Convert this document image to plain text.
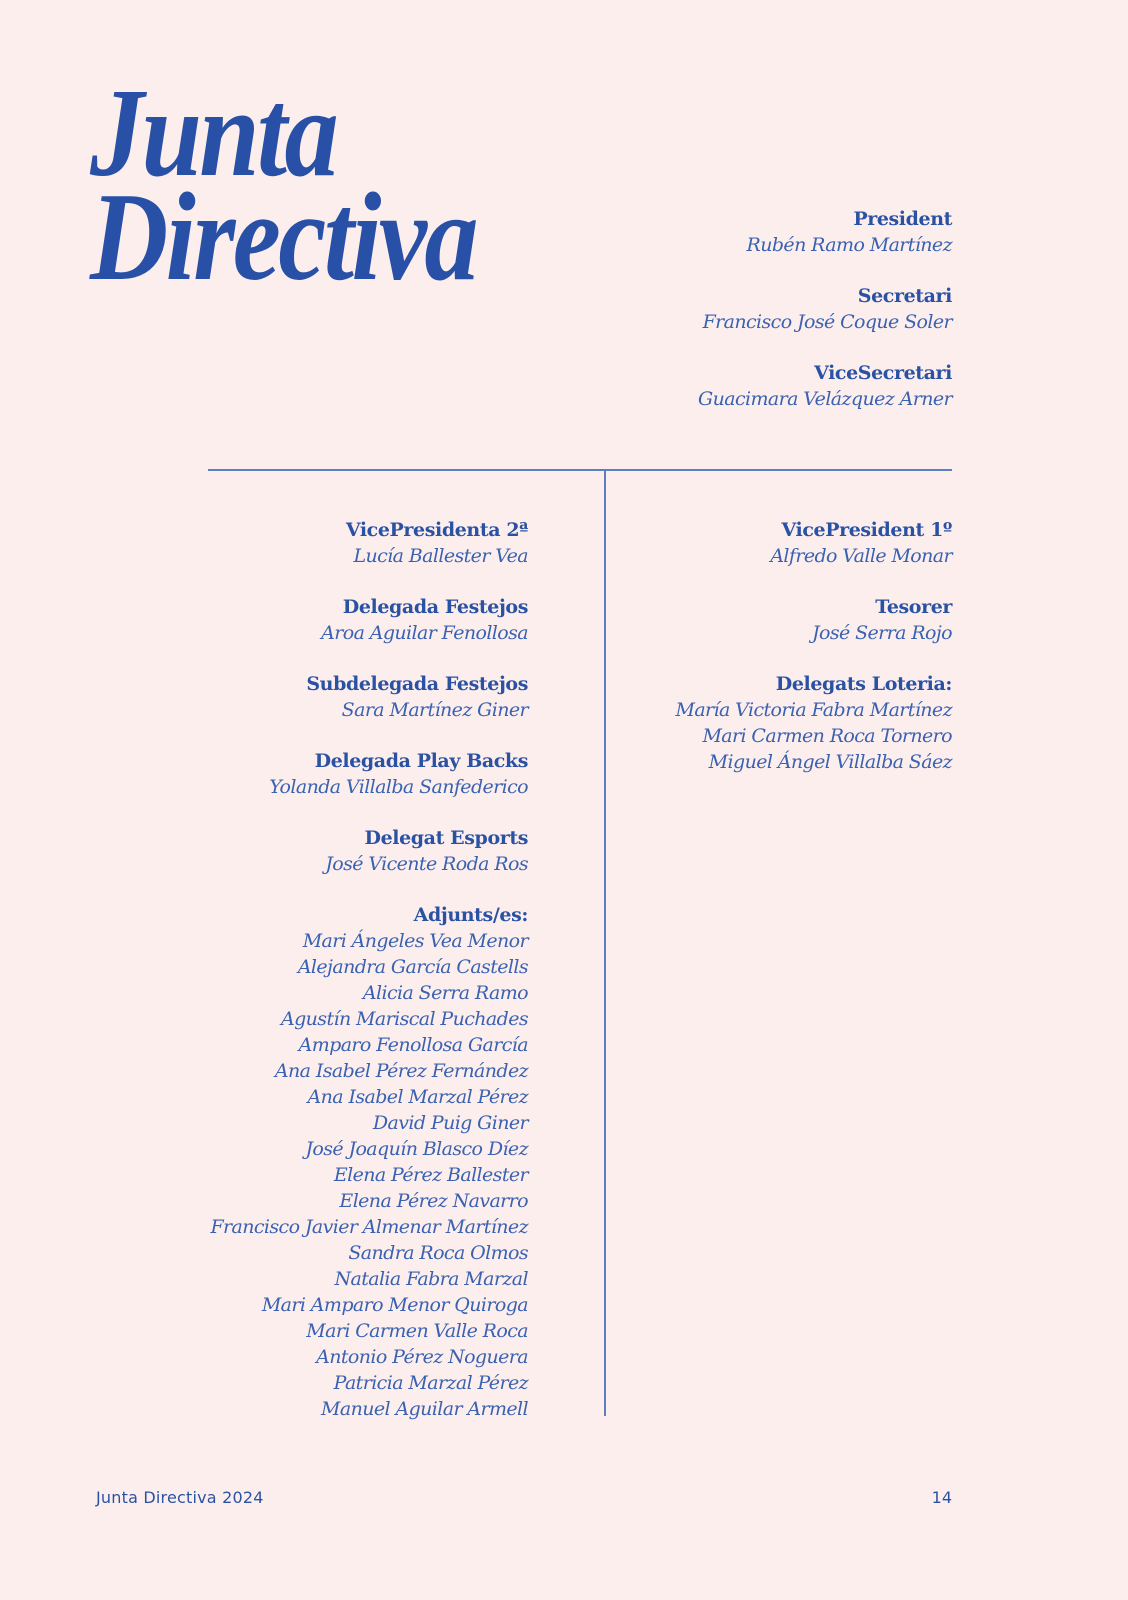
Junta
Directiva	President
Rubén Ramo Martínez
Secretari
Francisco José Coque Soler
ViceSecretari
Guacimara Velázquez Arner
VicePresidenta 2ª
Lucía Ballester Vea
Delegada Festejos
Aroa Aguilar Fenollosa
Subdelegada Festejos
Sara Martínez Giner
Delegada Play Backs
Yolanda Villalba Sanfederico
Delegat Esports
José Vicente Roda Ros
Adjunts/es:
Mari Ángeles Vea Menor
Alejandra García Castells
Alicia Serra Ramo
Agustín Mariscal Puchades
Amparo Fenollosa García
Ana Isabel Pérez Fernández
Ana Isabel Marzal Pérez
David Puig Giner
José Joaquín Blasco Díez
Elena Pérez Ballester
Elena Pérez Navarro
Francisco Javier Almenar Martínez
Sandra Roca Olmos
Natalia Fabra Marzal
Mari Amparo Menor Quiroga
Mari Carmen Valle Roca
Antonio Pérez Noguera
Patricia Marzal Pérez
Manuel Aguilar Armell
VicePresident 1º
Alfredo Valle Monar
Tesorer
José Serra Rojo
Delegats Loteria:
María Victoria Fabra Martínez
Mari Carmen Roca Tornero
Miguel Ángel Villalba Sáez
Junta Directiva 2024	14
